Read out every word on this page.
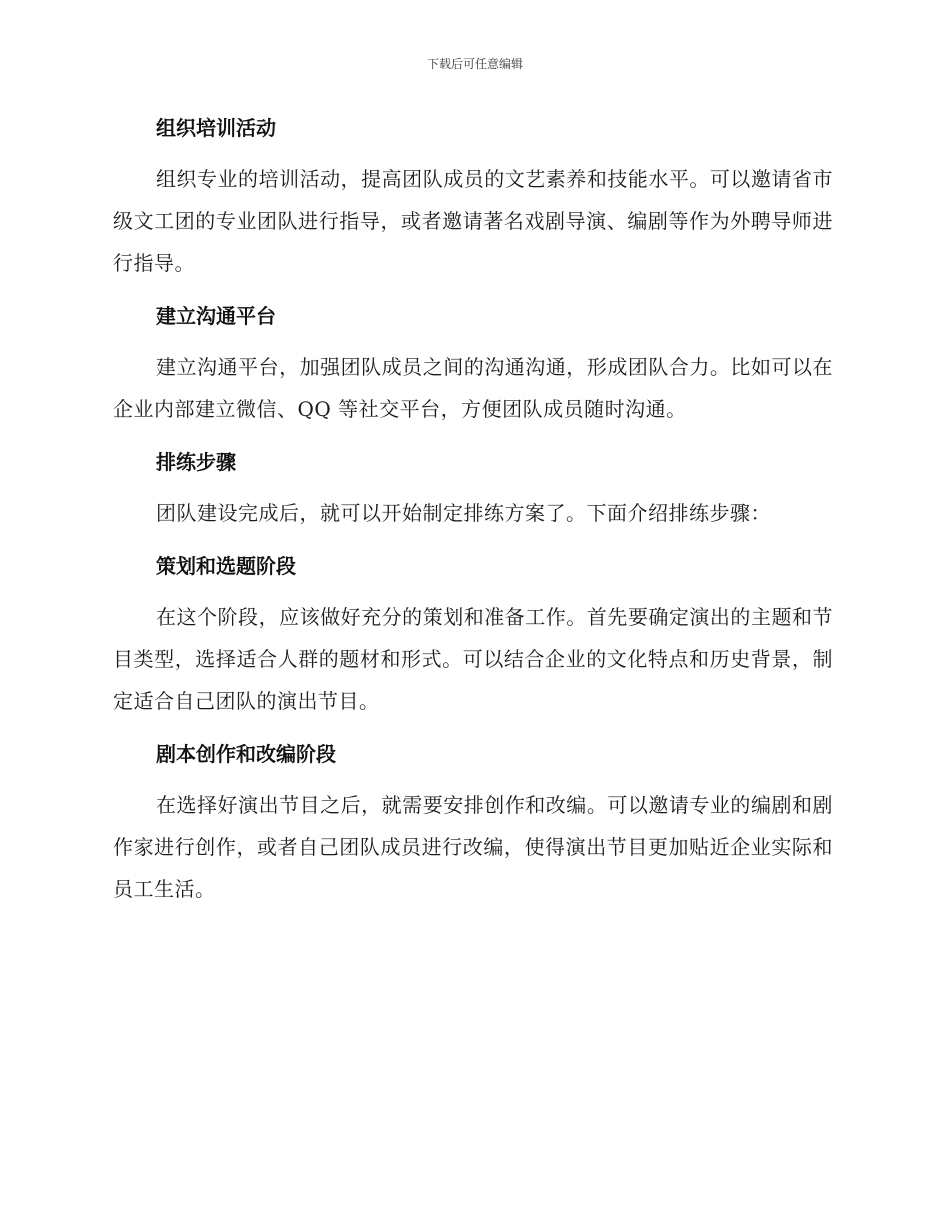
下载后可任意编辑
组织培训活动

组织专业的培训活动，提高团队成员的文艺素养和技能水平。可以邀请省市级文工团的专业团队进行指导，或者邀请著名戏剧导演、编剧等作为外聘导师进行指导。

建立沟通平台

建立沟通平台，加强团队成员之间的沟通沟通，形成团队合力。比如可以在企业内部建立微信、QQ 等社交平台，方便团队成员随时沟通。

排练步骤

团队建设完成后，就可以开始制定排练方案了。下面介绍排练步骤：

策划和选题阶段

在这个阶段，应该做好充分的策划和准备工作。首先要确定演出的主题和节目类型，选择适合人群的题材和形式。可以结合企业的文化特点和历史背景，制定适合自己团队的演出节目。

剧本创作和改编阶段

在选择好演出节目之后，就需要安排创作和改编。可以邀请专业的编剧和剧作家进行创作，或者自己团队成员进行改编，使得演出节目更加贴近企业实际和员工生活。
